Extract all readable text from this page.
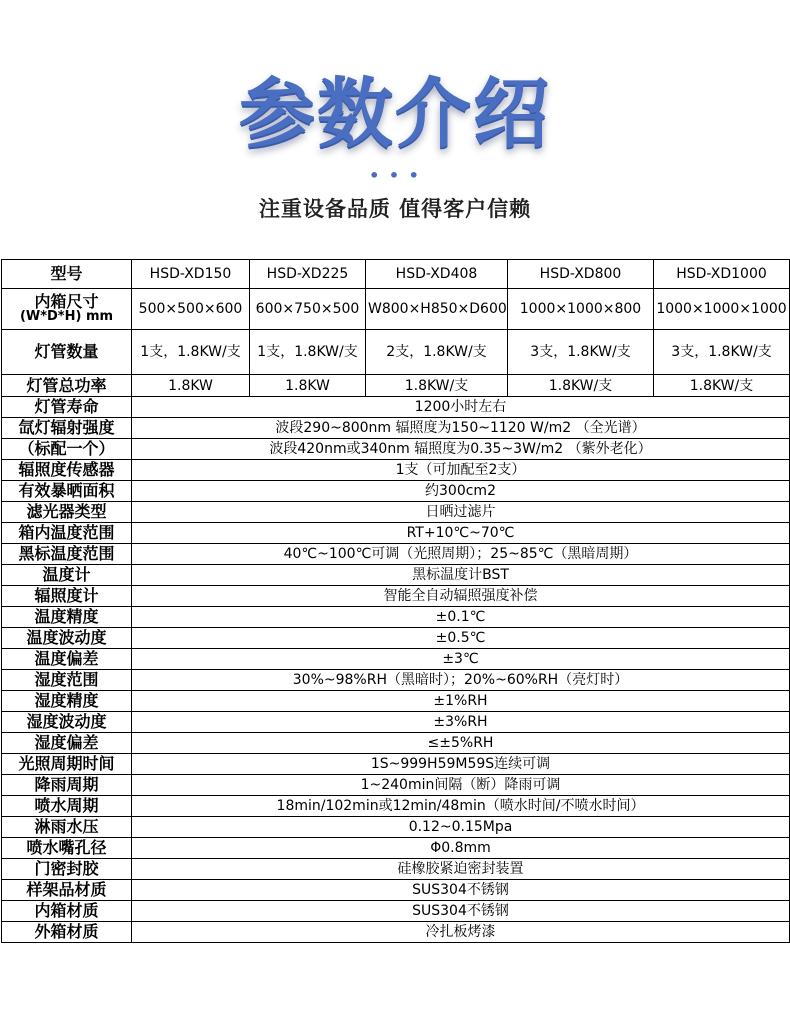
参数介绍
• • •
注重设备品质 值得客户信赖
型号	HSD-XD150	HSD-XD225	HSD-XD408	HSD-XD800	HSD-XD1000
内箱尺寸
(W*D*H) mm	500×500×600	600×750×500	W800×H850×D600	1000×1000×800	1000×1000×1000
灯管数量	1支，1.8KW/支	1支，1.8KW/支	2支，1.8KW/支	3支，1.8KW/支	3支，1.8KW/支
灯管总功率	1.8KW	1.8KW	1.8KW/支	1.8KW/支	1.8KW/支
灯管寿命	1200小时左右				
氙灯辐射强度	波段290~800nm 辐照度为150~1120 W/m2 （全光谱）				
（标配一个）	波段420nm或340nm 辐照度为0.35~3W/m2 （紫外老化）				
辐照度传感器	1支（可加配至2支）				
有效暴晒面积	约300cm2				
滤光器类型	日晒过滤片				
箱内温度范围	RT+10℃~70℃				
黑标温度范围	40℃~100℃可调（光照周期）；25~85℃（黑暗周期）				
温度计	黑标温度计BST				
辐照度计	智能全自动辐照强度补偿				
温度精度	±0.1℃				
温度波动度	±0.5℃				
温度偏差	±3℃				
湿度范围	30%~98%RH（黑暗时）；20%~60%RH（亮灯时）				
湿度精度	±1%RH				
湿度波动度	±3%RH				
湿度偏差	≤±5%RH				
光照周期时间	1S~999H59M59S连续可调				
降雨周期	1~240min间隔（断）降雨可调				
喷水周期	18min/102min或12min/48min（喷水时间/不喷水时间）				
淋雨水压	0.12~0.15Mpa				
喷水嘴孔径	Φ0.8mm				
门密封胶	硅橡胶紧迫密封装置				
样架品材质	SUS304不锈钢				
内箱材质	SUS304不锈钢				
外箱材质	冷扎板烤漆				
